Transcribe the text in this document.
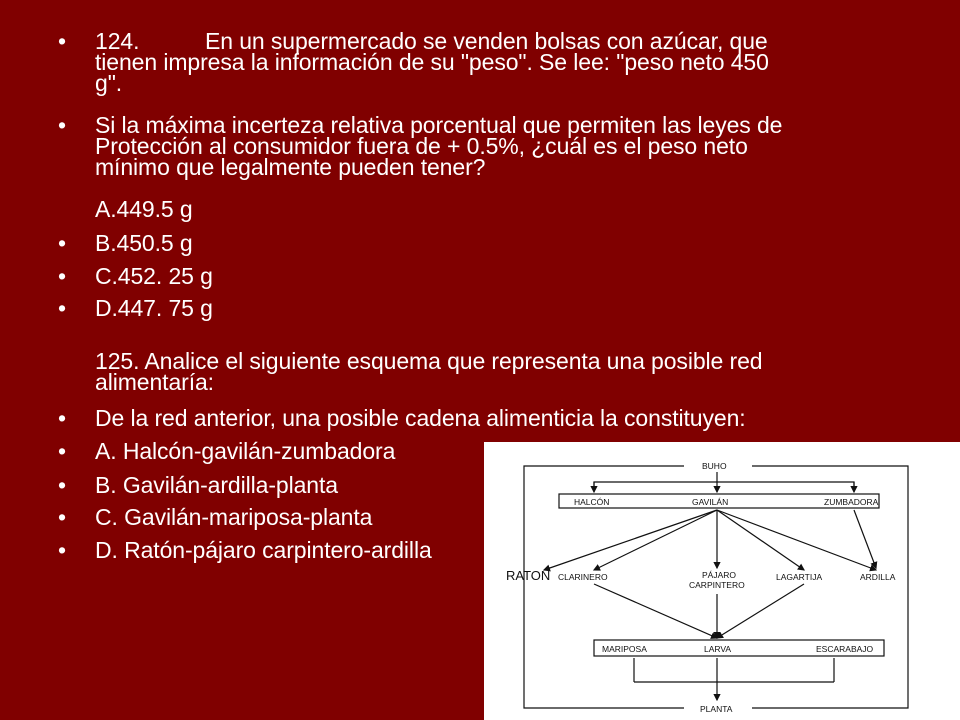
• 124.	En un supermercado se venden bolsas con azúcar, que

tienen impresa la información de su "peso". Se lee: "peso neto 450

g".

• Si la máxima incerteza relativa porcentual que permiten las leyes de

Protección al consumidor fuera de + 0.5%, ¿cuál es el peso neto

mínimo que legalmente pueden tener?

A.449.5 g

• B.450.5 g

• C.452. 25 g

• D.447. 75 g

125. Analice el siguiente esquema que representa una posible red

alimentaría:

• De la red anterior, una posible cadena alimenticia la constituyen:

• A. Halcón-gavilán-zumbadora

• B. Gavilán-ardilla-planta

• C. Gavilán-mariposa-planta

• D. Ratón-pájaro carpintero-ardilla

BUHO
HALCÓN	GAVILÁN	ZUMBADORA
RATON CLARINERO	PÁJARO
CARPINTERO
LAGARTIJA	ARDILLA
MARIPOSA	LARVA	ESCARABAJO
PLANTA
